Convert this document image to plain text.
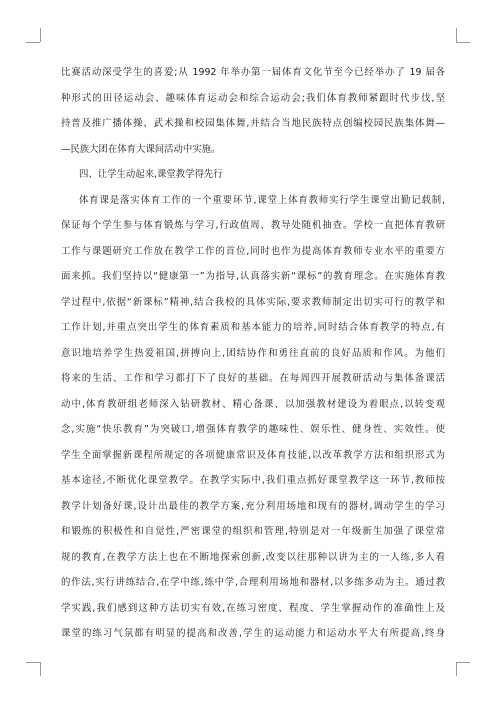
比赛活动深受学生的喜爱;从 1992 年举办第一届体育文化节至今已经举办了 19 届各
种形式的田径运动会、趣味体育运动会和综合运动会;我们体育教师紧跟时代步伐,坚
持普及推广播体操、武术操和校园集体舞,并结合当地民族特点创编校园民族集体舞—
—民族大团在体育大课间活动中实施。
四、让学生动起来,课堂教学得先行
体育课是落实体育工作的一个重要环节,课堂上体育教师实行学生课堂出勤记载制,
保证每个学生参与体育锻炼与学习,行政值周、教导处随机抽查。学校一直把体育教研
工作与课题研究工作放在教学工作的首位,同时也作为提高体育教师专业水平的重要方
面来抓。我们坚持以“健康第一”为指导,认真落实新“课标”的教育理念。在实施体育教
学过程中,依据“新课标”精神,结合我校的具体实际,要求教师制定出切实可行的教学和
工作计划,并重点突出学生的体育素质和基本能力的培养,同时结合体育教学的特点,有
意识地培养学生热爱祖国,拼搏向上,团结协作和勇往直前的良好品质和作风。为他们
将来的生活、工作和学习都打下了良好的基础。在每周四开展教研活动与集体备课活
动中,体育教研组老师深入钻研教材、精心备课、以加强教材建设为着眼点,以转变观
念,实施“快乐教育”为突破口,增强体育教学的趣味性、娱乐性、健身性、实效性。使
学生全面掌握新课程所规定的各项健康常识及体育技能,以改革教学方法和组织形式为
基本途径,不断优化课堂教学。在教学实际中,我们重点抓好课堂教学这一环节,教师按
教学计划备好课,设计出最佳的教学方案,充分利用场地和现有的器材,调动学生的学习
和锻炼的积极性和自觉性,严密课堂的组织和管理,特别是对一年级新生加强了课堂常
规的教育,在教学方法上也在不断地探索创新,改变以往那种以讲为主的一人练,多人看
的作法,实行讲练结合,在学中练,练中学,合理利用场地和器材,以多练多动为主。通过教
学实践,我们感到这种方法切实有效,在练习密度、程度、学生掌握动作的准确性上及
课堂的练习气氛都有明显的提高和改善,学生的运动能力和运动水平大有所提高,终身
